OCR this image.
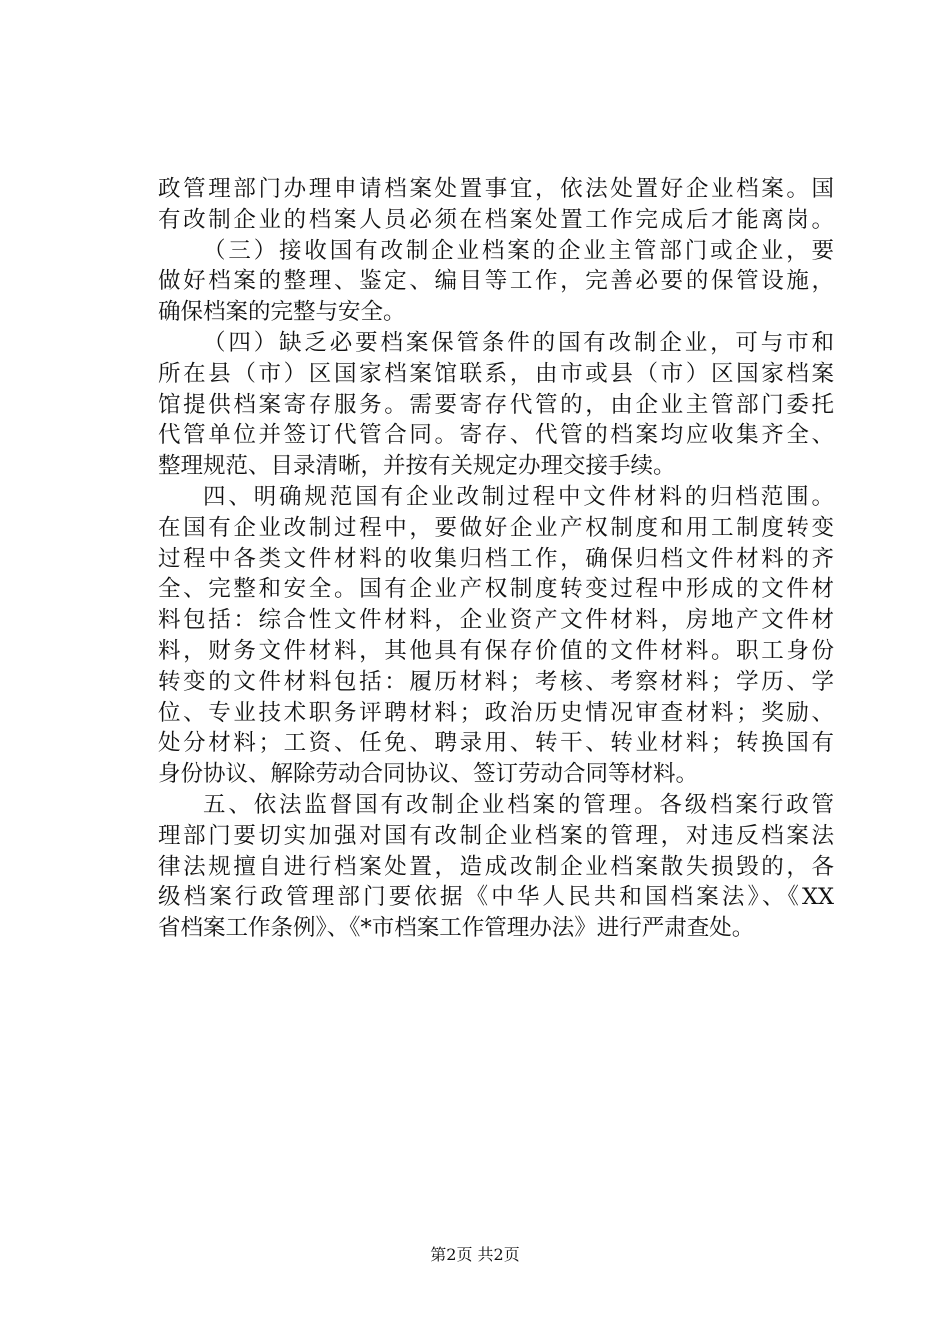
政管理部门办理申请档案处置事宜，依法处置好企业档案。国
有改制企业的档案人员必须在档案处置工作完成后才能离岗。
（三）接收国有改制企业档案的企业主管部门或企业，要
做好档案的整理、鉴定、编目等工作，完善必要的保管设施，
确保档案的完整与安全。
（四）缺乏必要档案保管条件的国有改制企业，可与市和
所在县（市）区国家档案馆联系，由市或县（市）区国家档案
馆提供档案寄存服务。需要寄存代管的，由企业主管部门委托
代管单位并签订代管合同。寄存、代管的档案均应收集齐全、
整理规范、目录清晰，并按有关规定办理交接手续。
四、明确规范国有企业改制过程中文件材料的归档范围。
在国有企业改制过程中，要做好企业产权制度和用工制度转变
过程中各类文件材料的收集归档工作，确保归档文件材料的齐
全、完整和安全。国有企业产权制度转变过程中形成的文件材
料包括：综合性文件材料，企业资产文件材料，房地产文件材
料，财务文件材料，其他具有保存价值的文件材料。职工身份
转变的文件材料包括：履历材料；考核、考察材料；学历、学
位、专业技术职务评聘材料；政治历史情况审查材料；奖励、
处分材料；工资、任免、聘录用、转干、转业材料；转换国有
身份协议、解除劳动合同协议、签订劳动合同等材料。
五、依法监督国有改制企业档案的管理。各级档案行政管
理部门要切实加强对国有改制企业档案的管理，对违反档案法
律法规擅自进行档案处置，造成改制企业档案散失损毁的，各
级档案行政管理部门要依据《中华人民共和国档案法》、《XX
省档案工作条例》、《*市档案工作管理办法》进行严肃查处。
第2页 共2页
